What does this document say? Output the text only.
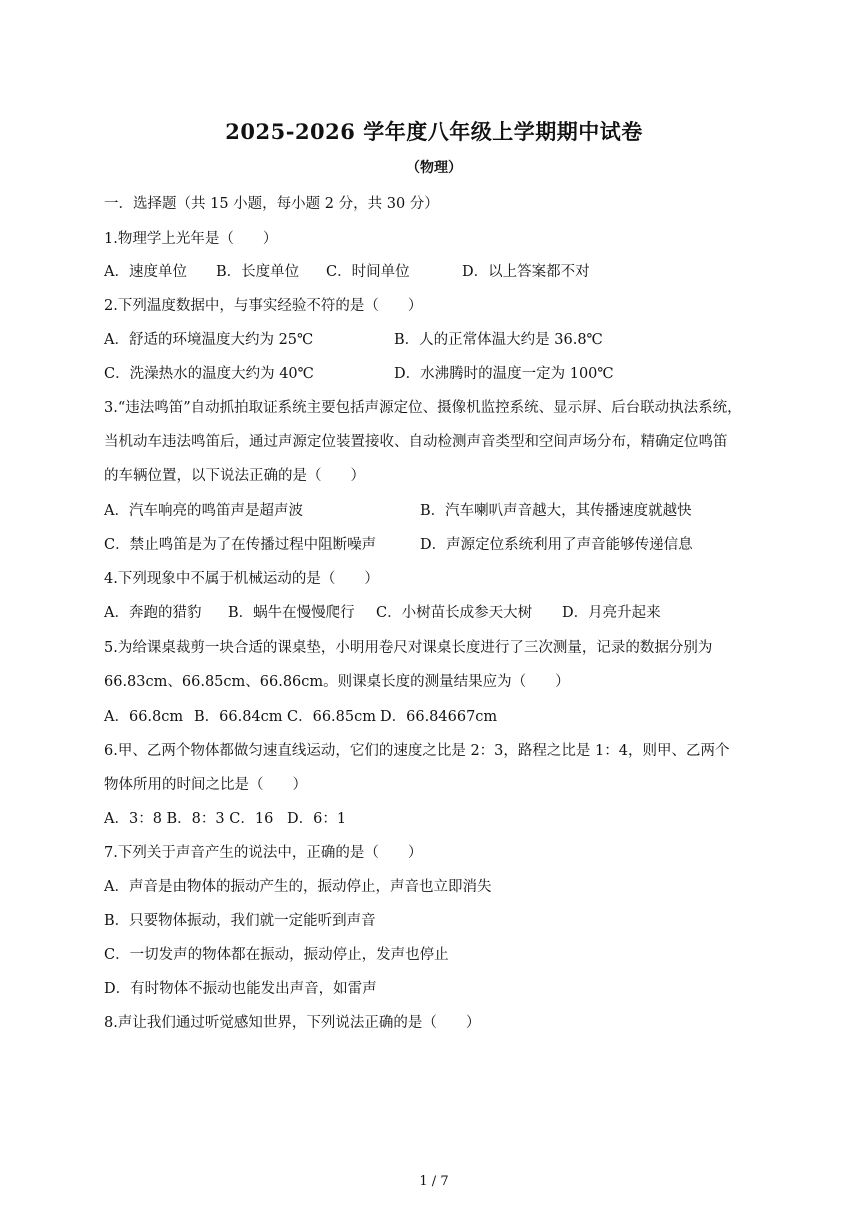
2025-2026 学年度八年级上学期期中试卷
（物理）
一．选择题（共 15 小题，每小题 2 分，共 30 分）
1.物理学上光年是（　　）
A．速度单位 B．长度单位 C．时间单位	D．以上答案都不对
2.下列温度数据中，与事实经验不符的是（　　）
A．舒适的环境温度大约为 25℃	B．人的正常体温大约是 36.8℃
C．洗澡热水的温度大约为 40℃	D．水沸腾时的温度一定为 100℃
3.“违法鸣笛”自动抓拍取证系统主要包括声源定位、摄像机监控系统、显示屏、后台联动执法系统，
当机动车违法鸣笛后，通过声源定位装置接收、自动检测声音类型和空间声场分布，精确定位鸣笛
的车辆位置，以下说法正确的是（　　）
A．汽车响亮的鸣笛声是超声波	B．汽车喇叭声音越大，其传播速度就越快
C．禁止鸣笛是为了在传播过程中阻断噪声	D．声源定位系统利用了声音能够传递信息
4.下列现象中不属于机械运动的是（　　）
A．奔跑的猎豹 B．蜗牛在慢慢爬行 C．小树苗长成参天大树 D．月亮升起来
5.为给课桌裁剪一块合适的课桌垫，小明用卷尺对课桌长度进行了三次测量，记录的数据分别为
66.83cm、66.85cm、66.86cm。则课桌长度的测量结果应为（　　）
A．66.8cm B．66.84cm C．66.85cm D．66.84667cm
6.甲、乙两个物体都做匀速直线运动，它们的速度之比是 2：3，路程之比是 1：4，则甲、乙两个
物体所用的时间之比是（　　）
A．3：8 B．8：3 C．16 D．6：1
7.下列关于声音产生的说法中，正确的是（　　）
A．声音是由物体的振动产生的，振动停止，声音也立即消失
B．只要物体振动，我们就一定能听到声音
C．一切发声的物体都在振动，振动停止，发声也停止
D．有时物体不振动也能发出声音，如雷声
8.声让我们通过听觉感知世界，下列说法正确的是（　　）
1 / 7
